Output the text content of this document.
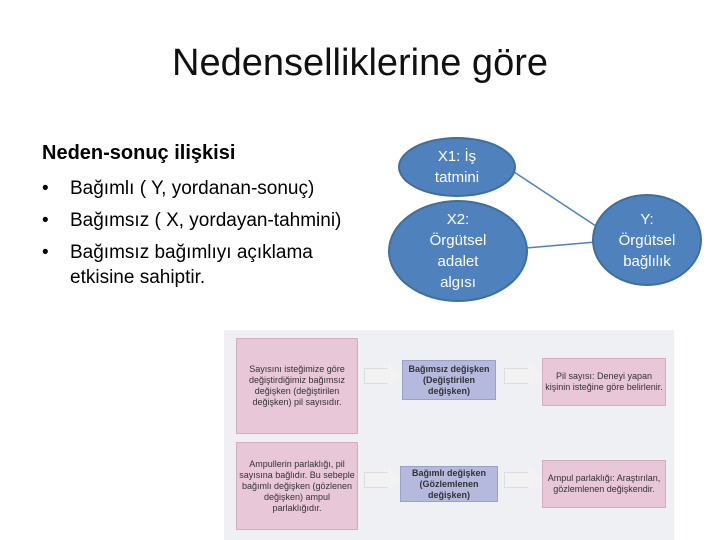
Nedenselliklerine göre
Neden-sonuç ilişkisi
•	Bağımlı ( Y, yordanan-sonuç)
•	Bağımsız ( X, yordayan-tahmini)
•	Bağımsız bağımlıyı açıklama etkisine sahiptir.
X1: İş
tatmini
X2:
Örgütsel
adalet
algısı
Y:
Örgütsel
bağlılık
Sayısını isteğimize göre değiştirdiğimiz bağımsız değişken (değiştirilen değişken) pil sayısıdır.
Ampullerin parlaklığı, pil sayısına bağlıdır. Bu sebeple bağımlı değişken (gözlenen değişken) ampul parlaklığıdır.
Bağımsız değişken
(Değiştirilen değişken)
Bağımlı değişken
(Gözlemlenen değişken)
Pil sayısı: Deneyi yapan kişinin isteğine göre belirlenir.
Ampul parlaklığı: Araştırılan, gözlemlenen değişkendir.
